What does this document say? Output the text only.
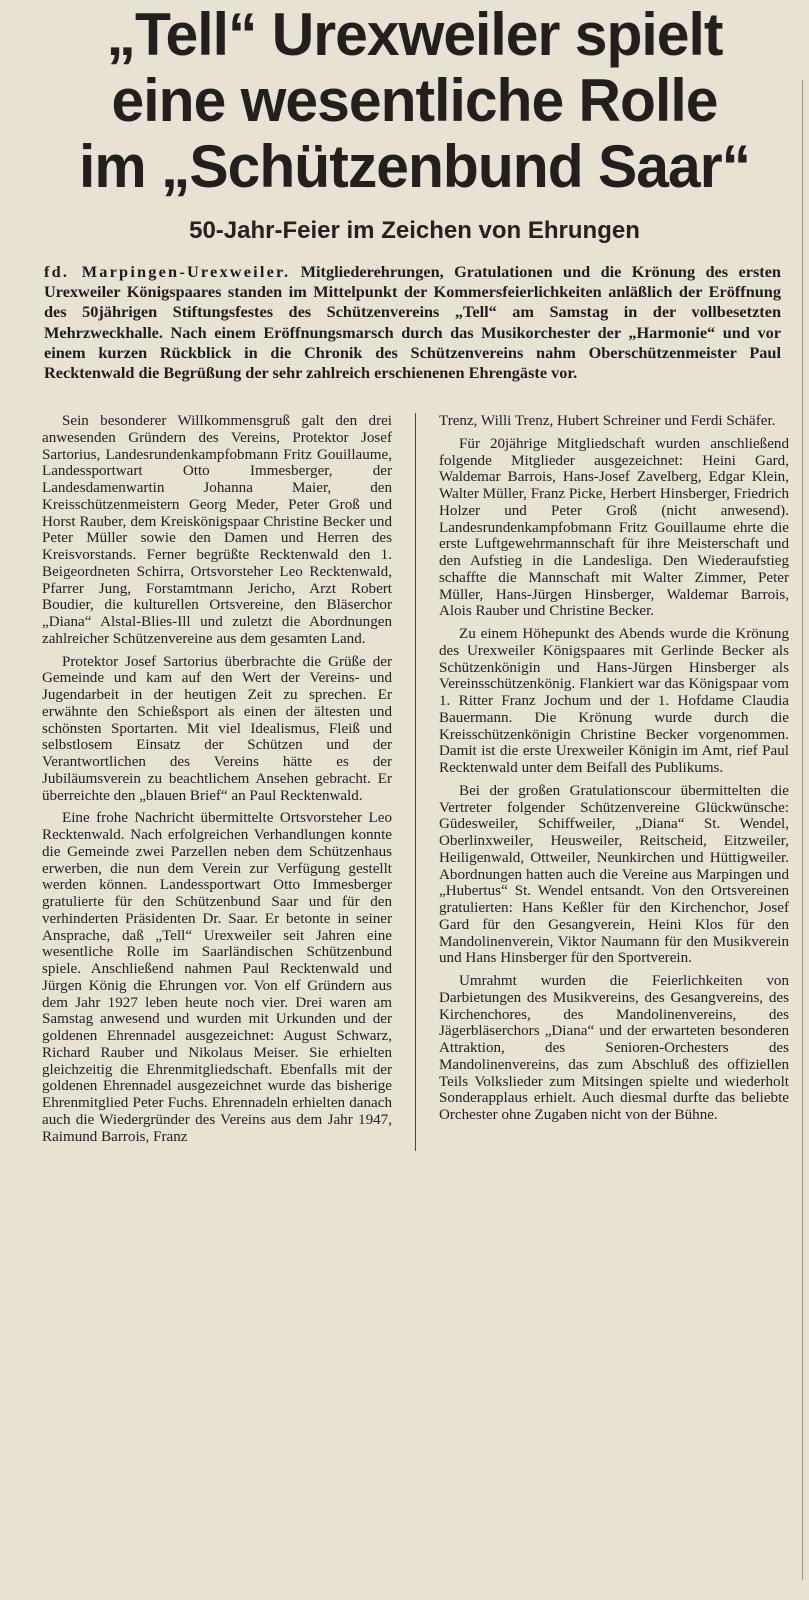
„Tell“ Urexweiler spielt
eine wesentliche Rolle
im „Schützenbund Saar“
50-Jahr-Feier im Zeichen von Ehrungen

fd. Marpingen-Urexweiler. Mitgliederehrungen, Gratulationen und die Krönung des ersten Urexweiler Königspaares standen im Mittelpunkt der Kommersfeierlichkeiten anläßlich der Eröffnung des 50jährigen Stiftungsfestes des Schützenvereins „Tell“ am Samstag in der vollbesetzten Mehrzweckhalle. Nach einem Eröffnungsmarsch durch das Musikorchester der „Harmonie“ und vor einem kurzen Rückblick in die Chronik des Schützenvereins nahm Oberschützenmeister Paul Recktenwald die Begrüßung der sehr zahlreich erschienenen Ehrengäste vor.

Sein besonderer Willkommensgruß galt den drei anwesenden Gründern des Vereins, Protektor Josef Sartorius, Landesrundenkampfobmann Fritz Gouillaume, Landessportwart Otto Immesberger, der Landesdamenwartin Johanna Maier, den Kreisschützenmeistern Georg Meder, Peter Groß und Horst Rauber, dem Kreiskönigspaar Christine Becker und Peter Müller sowie den Damen und Herren des Kreisvorstands. Ferner begrüßte Recktenwald den 1. Beigeordneten Schirra, Ortsvorsteher Leo Recktenwald, Pfarrer Jung, Forstamtmann Jericho, Arzt Robert Boudier, die kulturellen Ortsvereine, den Bläserchor „Diana“ Alstal-Blies-Ill und zuletzt die Abordnungen zahlreicher Schützenvereine aus dem gesamten Land.

Protektor Josef Sartorius überbrachte die Grüße der Gemeinde und kam auf den Wert der Vereins- und Jugendarbeit in der heutigen Zeit zu sprechen. Er erwähnte den Schießsport als einen der ältesten und schönsten Sportarten. Mit viel Idealismus, Fleiß und selbstlosem Einsatz der Schützen und der Verantwortlichen des Vereins hätte es der Jubiläumsverein zu beachtlichem Ansehen gebracht. Er überreichte den „blauen Brief“ an Paul Recktenwald.

Eine frohe Nachricht übermittelte Ortsvorsteher Leo Recktenwald. Nach erfolgreichen Verhandlungen konnte die Gemeinde zwei Parzellen neben dem Schützenhaus erwerben, die nun dem Verein zur Verfügung gestellt werden können. Landessportwart Otto Immesberger gratulierte für den Schützenbund Saar und für den verhinderten Präsidenten Dr. Saar. Er betonte in seiner Ansprache, daß „Tell“ Urexweiler seit Jahren eine wesentliche Rolle im Saarländischen Schützenbund spiele. Anschließend nahmen Paul Recktenwald und Jürgen König die Ehrungen vor. Von elf Gründern aus dem Jahr 1927 leben heute noch vier. Drei waren am Samstag anwesend und wurden mit Urkunden und der goldenen Ehrennadel ausgezeichnet: August Schwarz, Richard Rauber und Nikolaus Meiser. Sie erhielten gleichzeitig die Ehrenmitgliedschaft. Ebenfalls mit der goldenen Ehrennadel ausgezeichnet wurde das bisherige Ehrenmitglied Peter Fuchs. Ehrennadeln erhielten danach auch die Wiedergründer des Vereins aus dem Jahr 1947, Raimund Barrois, Franz

Trenz, Willi Trenz, Hubert Schreiner und Ferdi Schäfer.

Für 20jährige Mitgliedschaft wurden anschließend folgende Mitglieder ausgezeichnet: Heini Gard, Waldemar Barrois, Hans-Josef Zavelberg, Edgar Klein, Walter Müller, Franz Picke, Herbert Hinsberger, Friedrich Holzer und Peter Groß (nicht anwesend). Landesrundenkampfobmann Fritz Gouillaume ehrte die erste Luftgewehrmannschaft für ihre Meisterschaft und den Aufstieg in die Landesliga. Den Wiederaufstieg schaffte die Mannschaft mit Walter Zimmer, Peter Müller, Hans-Jürgen Hinsberger, Waldemar Barrois, Alois Rauber und Christine Becker.

Zu einem Höhepunkt des Abends wurde die Krönung des Urexweiler Königspaares mit Gerlinde Becker als Schützenkönigin und Hans-Jürgen Hinsberger als Vereinsschützenkönig. Flankiert war das Königspaar vom 1. Ritter Franz Jochum und der 1. Hofdame Claudia Bauermann. Die Krönung wurde durch die Kreisschützenkönigin Christine Becker vorgenommen. Damit ist die erste Urexweiler Königin im Amt, rief Paul Recktenwald unter dem Beifall des Publikums.

Bei der großen Gratulationscour übermittelten die Vertreter folgender Schützenvereine Glückwünsche: Güdesweiler, Schiffweiler, „Diana“ St. Wendel, Oberlinxweiler, Heusweiler, Reitscheid, Eitzweiler, Heiligenwald, Ottweiler, Neunkirchen und Hüttigweiler. Abordnungen hatten auch die Vereine aus Marpingen und „Hubertus“ St. Wendel entsandt. Von den Ortsvereinen gratulierten: Hans Keßler für den Kirchenchor, Josef Gard für den Gesangverein, Heini Klos für den Mandolinenverein, Viktor Naumann für den Musikverein und Hans Hinsberger für den Sportverein.

Umrahmt wurden die Feierlichkeiten von Darbietungen des Musikvereins, des Gesangvereins, des Kirchenchores, des Mandolinenvereins, des Jägerbläserchors „Diana“ und der erwarteten besonderen Attraktion, des Senioren-Orchesters des Mandolinenvereins, das zum Abschluß des offiziellen Teils Volkslieder zum Mitsingen spielte und wiederholt Sonderapplaus erhielt. Auch diesmal durfte das beliebte Orchester ohne Zugaben nicht von der Bühne.
